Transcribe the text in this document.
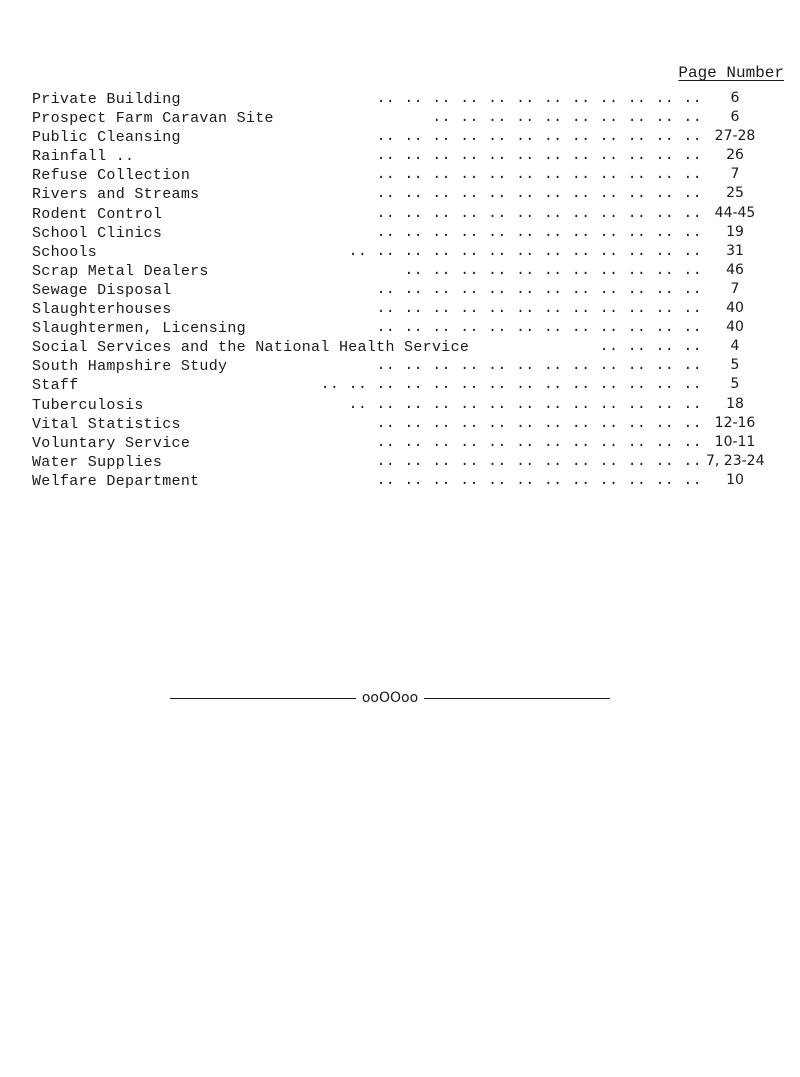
Page Number
.. .. .. .. .. .. .. .. .. .. .. ..
Private Building	6
.. .. .. .. .. .. .. .. .. ..
Prospect Farm Caravan Site	6
.. .. .. .. .. .. .. .. .. .. .. ..
Public Cleansing	27-28
.. .. .. .. .. .. .. .. .. .. .. ..
Rainfall ..	26
.. .. .. .. .. .. .. .. .. .. .. ..
Refuse Collection	7
.. .. .. .. .. .. .. .. .. .. .. ..
Rivers and Streams	25
.. .. .. .. .. .. .. .. .. .. .. ..
Rodent Control	44-45
.. .. .. .. .. .. .. .. .. .. .. ..
School Clinics	19
.. .. .. .. .. .. .. .. .. .. .. .. ..
Schools	31
.. .. .. .. .. .. .. .. .. .. ..
Scrap Metal Dealers	46
.. .. .. .. .. .. .. .. .. .. .. ..
Sewage Disposal	7
.. .. .. .. .. .. .. .. .. .. .. ..
Slaughterhouses	40
.. .. .. .. .. .. .. .. .. .. .. ..
Slaughtermen, Licensing	40
.. .. .. ..
Social Services and the National Health Service	4
.. .. .. .. .. .. .. .. .. .. .. ..
South Hampshire Study	5
.. .. .. .. .. .. .. .. .. .. .. .. .. ..
Staff	5
.. .. .. .. .. .. .. .. .. .. .. .. ..
Tuberculosis	18
.. .. .. .. .. .. .. .. .. .. .. ..
Vital Statistics	12-16
.. .. .. .. .. .. .. .. .. .. .. ..
Voluntary Service	10-11
.. .. .. .. .. .. .. .. .. .. .. ..
Water Supplies	7, 23-24
.. .. .. .. .. .. .. .. .. .. .. ..
Welfare Department	10
ooOOoo
